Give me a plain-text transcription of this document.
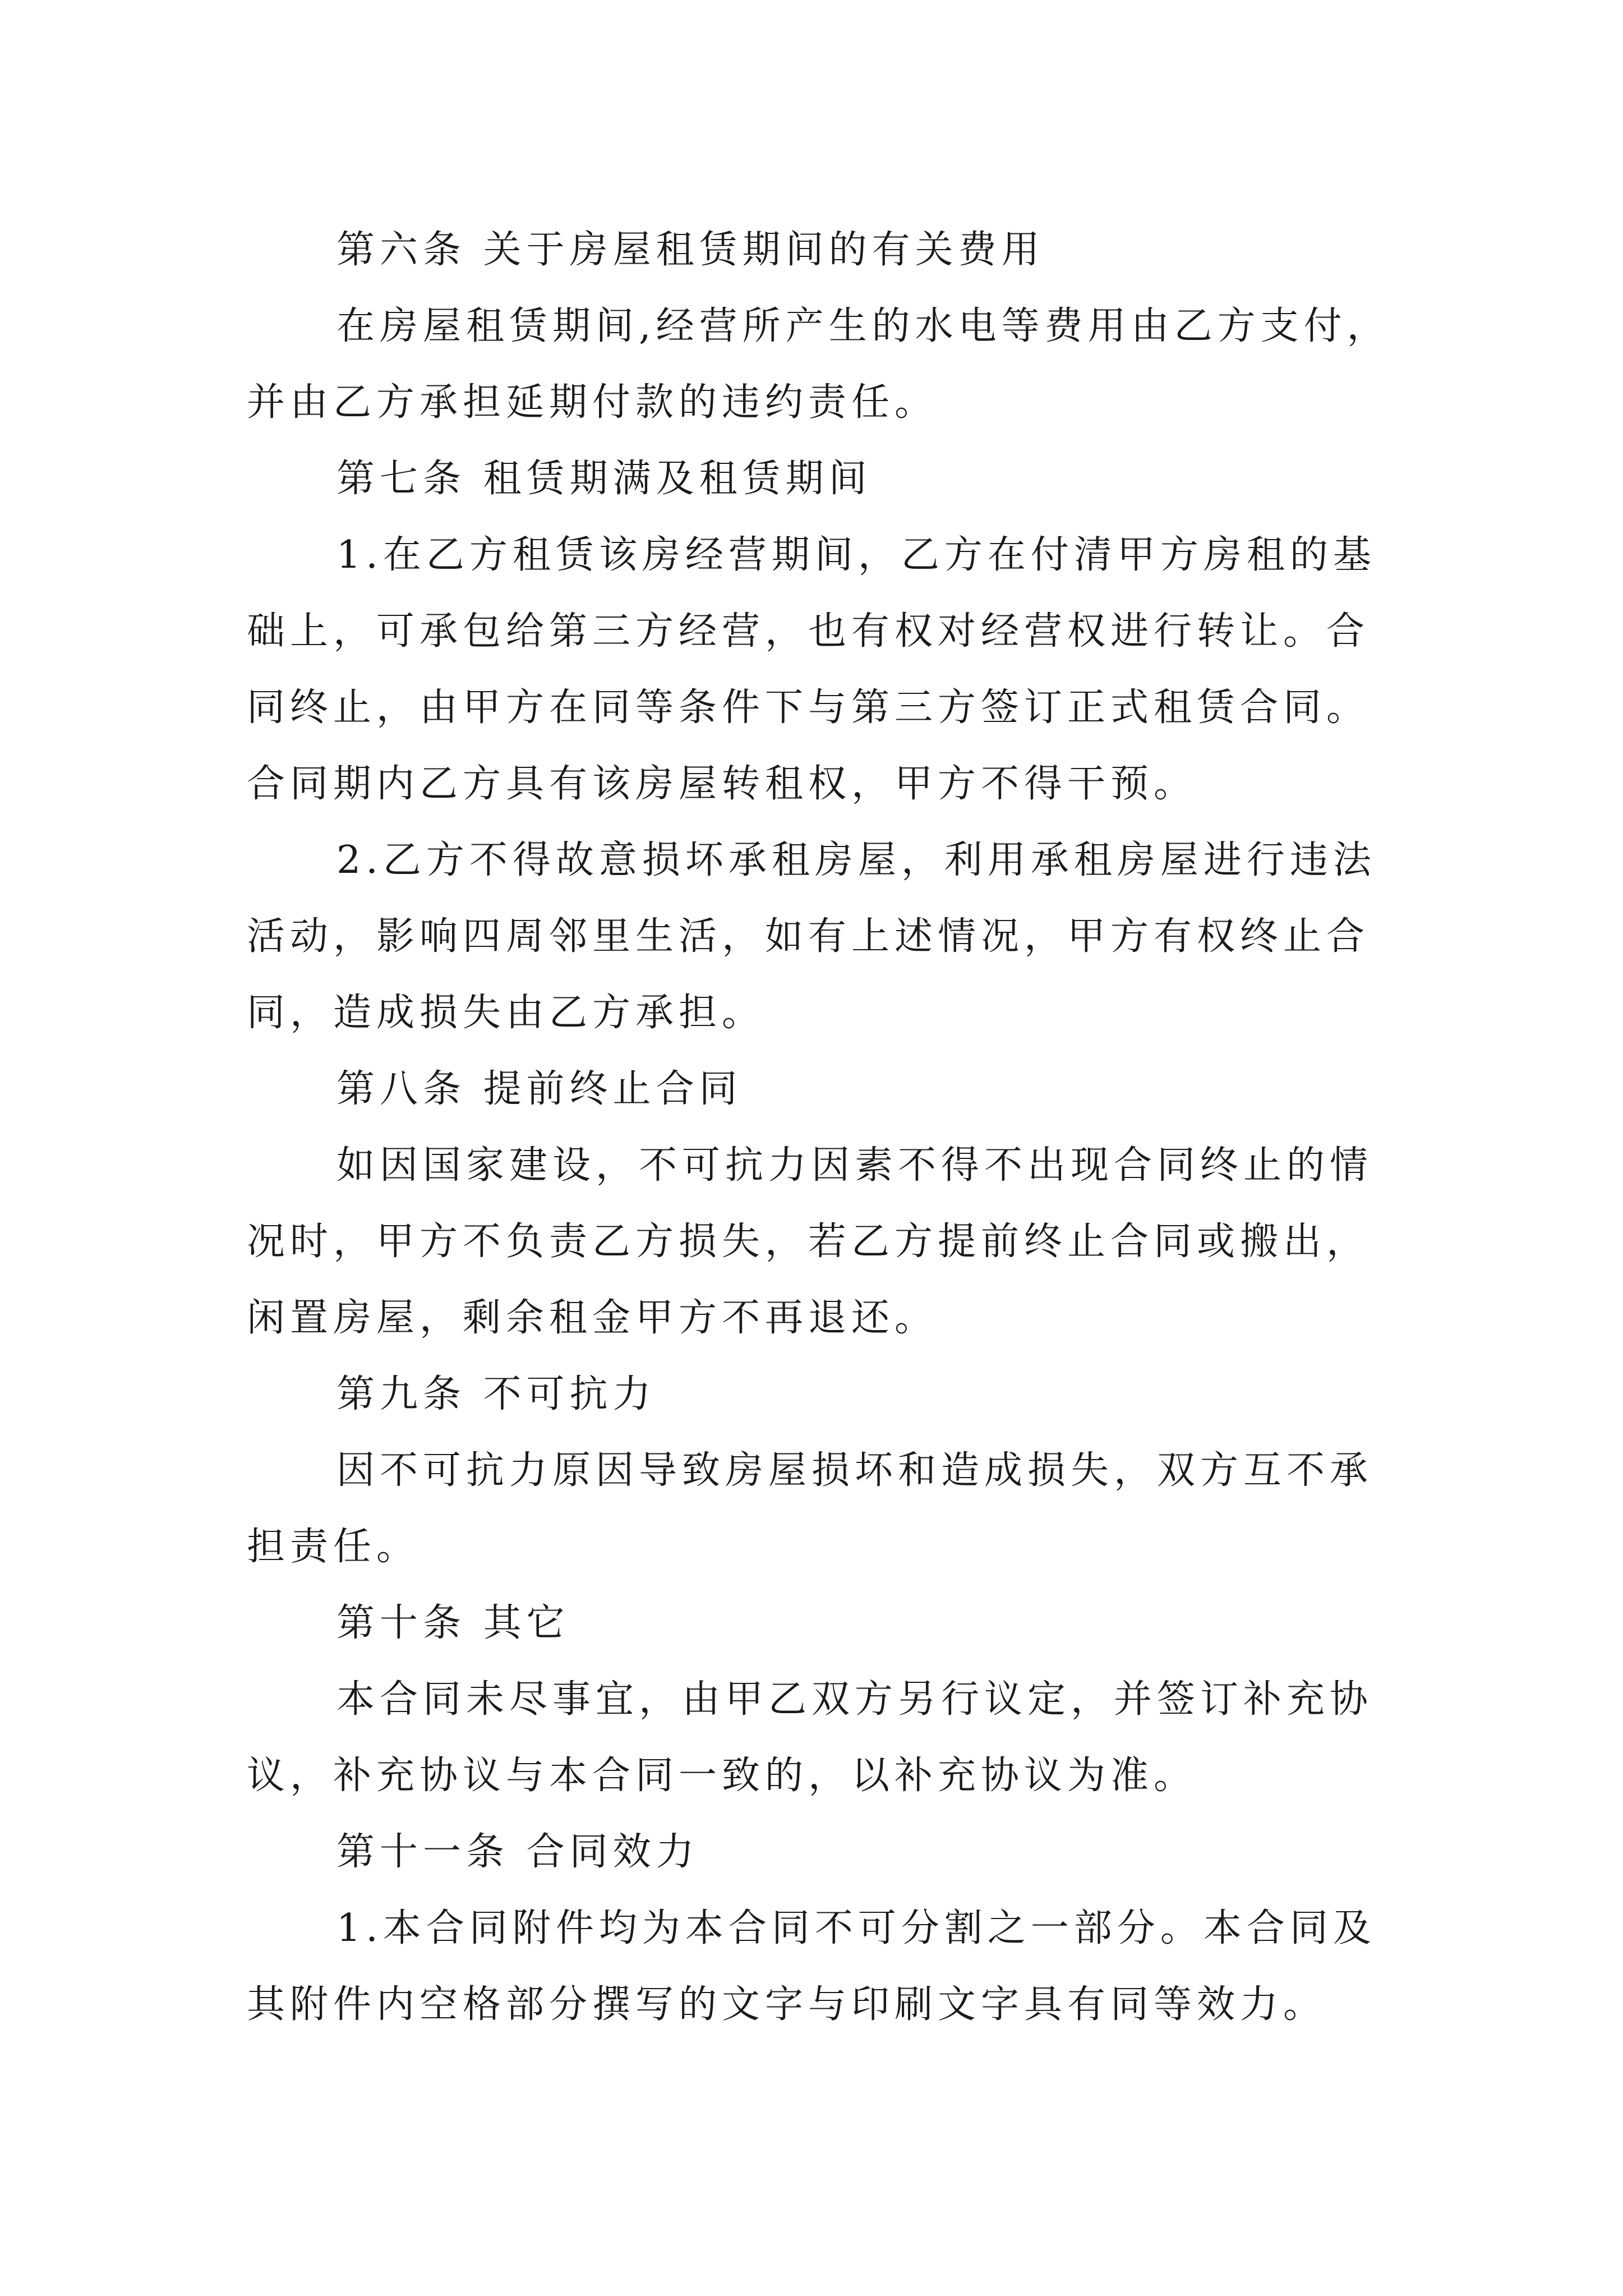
第六条 关于房屋租赁期间的有关费用
在房屋租赁期间,经营所产生的水电等费用由乙方支付，
并由乙方承担延期付款的违约责任。
第七条 租赁期满及租赁期间
1.在乙方租赁该房经营期间，乙方在付清甲方房租的基
础上，可承包给第三方经营，也有权对经营权进行转让。合
同终止，由甲方在同等条件下与第三方签订正式租赁合同。
合同期内乙方具有该房屋转租权，甲方不得干预。
2.乙方不得故意损坏承租房屋，利用承租房屋进行违法
活动，影响四周邻里生活，如有上述情况，甲方有权终止合
同，造成损失由乙方承担。
第八条 提前终止合同
如因国家建设，不可抗力因素不得不出现合同终止的情
况时，甲方不负责乙方损失，若乙方提前终止合同或搬出，
闲置房屋，剩余租金甲方不再退还。
第九条 不可抗力
因不可抗力原因导致房屋损坏和造成损失，双方互不承
担责任。
第十条 其它
本合同未尽事宜，由甲乙双方另行议定，并签订补充协
议，补充协议与本合同一致的，以补充协议为准。
第十一条 合同效力
1.本合同附件均为本合同不可分割之一部分。本合同及
其附件内空格部分撰写的文字与印刷文字具有同等效力。
